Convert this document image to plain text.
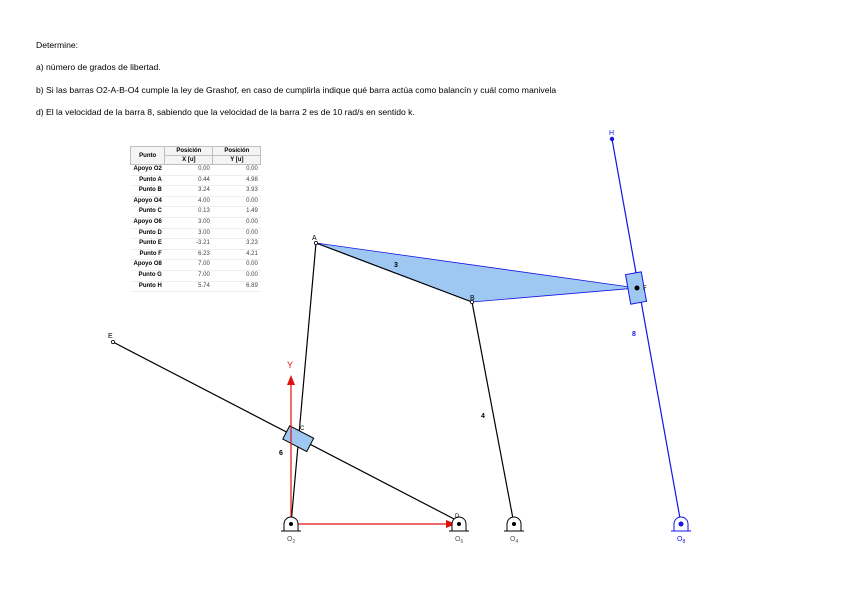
Determine:
a) número de grados de libertad.
b) Si las barras O2-A-B-O4 cumple la ley de Grashof, en caso de cumplirla indique qué barra actúa como balancín y cuál como manivela
d) El la velocidad de la barra 8, sabiendo que la velocidad de la barra 2 es de 10 rad/s en sentido k.
Punto	Posición	Posición
	X [u]	Y [u]
Apoyo O2	0.00	0.00
Punto A	0.44	4.98
Punto B	3.24	3.93
Apoyo O4	4.00	0.00
Punto C	0.13	1.49
Apoyo O6	3.00	0.00
Punto D	3.00	0.00
Punto E	-3.21	3.23
Punto F	6.23	4.21
Apoyo O8	7.00	0.00
Punto G	7.00	0.00
Punto H	5.74	6.89
A
B
E
H
C
D
F
3
4
6
8
Y
$O_2$	$O_6$	$O_4$	$O_8$
